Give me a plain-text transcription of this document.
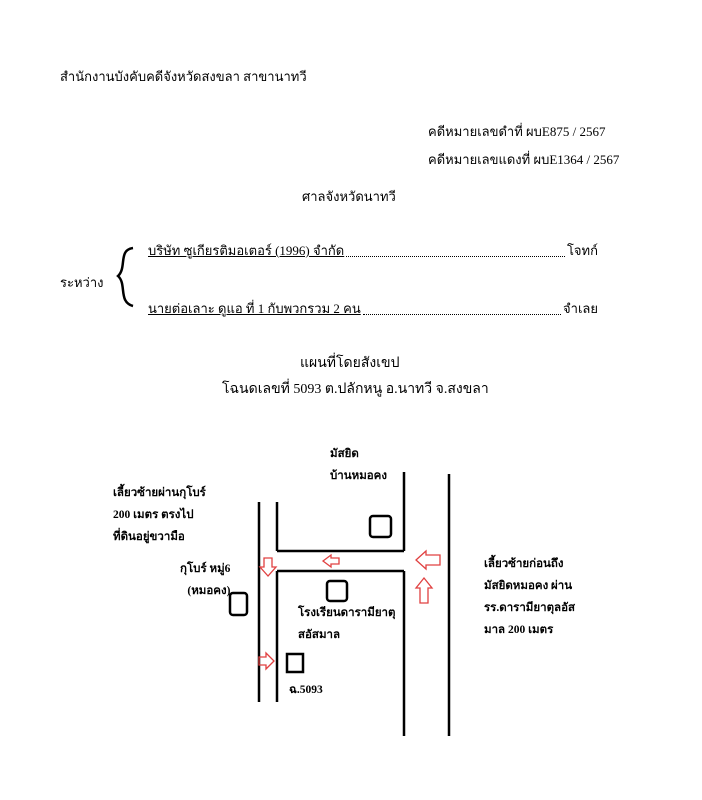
สำนักงานบังคับคดีจังหวัดสงขลา สาขานาทวี
คดีหมายเลขดำที่ ผบE875 / 2567
คดีหมายเลขแดงที่ ผบE1364 / 2567
ศาลจังหวัดนาทวี
ระหว่าง
บริษัท ซูเกียรติมอเตอร์ (1996) จำกัด	โจทก์
นายต่อเลาะ ดูแอ ที่ 1 กับพวกรวม 2 คน	จำเลย
แผนที่โดยสังเขป
โฉนดเลขที่ 5093 ต.ปลักหนู อ.นาทวี จ.สงขลา
มัสยิด
บ้านหมอคง
เลี้ยวซ้ายผ่านกุโบร์
200 เมตร ตรงไป
ที่ดินอยู่ขวามือ
กุโบร์ หมู่6
(หมอคง)
โรงเรียนดารามียาตุ
สอัสมาล
ฉ.5093
เลี้ยวซ้ายก่อนถึง
มัสยิดหมอคง ผ่าน
รร.ดารามียาตุลอัส
มาล 200 เมตร
